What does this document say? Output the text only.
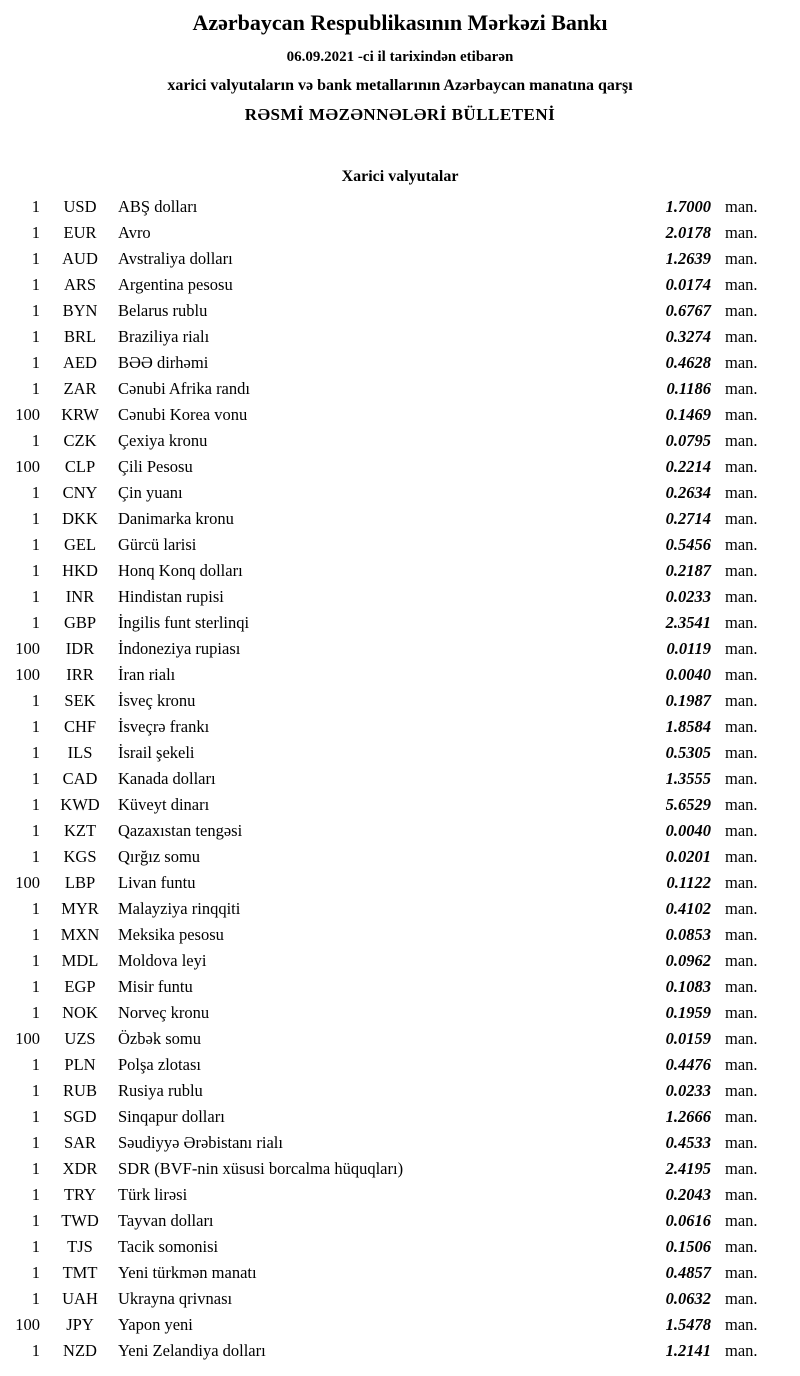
Azərbaycan Respublikasının Mərkəzi Bankı
06.09.2021 -ci il tarixindən etibarən
xarici valyutaların və bank metallarının Azərbaycan manatına qarşı
RƏSMİ MƏZƏNNƏLƏRİ BÜLLETENİ
Xarici valyutalar
1	USD	ABŞ dolları	1.7000 man.
1	EUR	Avro	2.0178 man.
1	AUD	Avstraliya dolları	1.2639 man.
1	ARS	Argentina pesosu	0.0174 man.
1	BYN	Belarus rublu	0.6767 man.
1	BRL	Braziliya rialı	0.3274 man.
1	AED	BƏƏ dirhəmi	0.4628 man.
1	ZAR	Cənubi Afrika randı	0.1186 man.
100	KRW	Cənubi Korea vonu	0.1469 man.
1	CZK	Çexiya kronu	0.0795 man.
100	CLP	Çili Pesosu	0.2214 man.
1	CNY	Çin yuanı	0.2634 man.
1	DKK	Danimarka kronu	0.2714 man.
1	GEL	Gürcü larisi	0.5456 man.
1	HKD	Honq Konq dolları	0.2187 man.
1	INR	Hindistan rupisi	0.0233 man.
1	GBP	İngilis funt sterlinqi	2.3541 man.
100	IDR	İndoneziya rupiası	0.0119 man.
100	IRR	İran rialı	0.0040 man.
1	SEK	İsveç kronu	0.1987 man.
1	CHF	İsveçrə frankı	1.8584 man.
1	ILS	İsrail şekeli	0.5305 man.
1	CAD	Kanada dolları	1.3555 man.
1	KWD	Küveyt dinarı	5.6529 man.
1	KZT	Qazaxıstan tengəsi	0.0040 man.
1	KGS	Qırğız somu	0.0201 man.
100	LBP	Livan funtu	0.1122 man.
1	MYR	Malayziya rinqqiti	0.4102 man.
1	MXN	Meksika pesosu	0.0853 man.
1	MDL	Moldova leyi	0.0962 man.
1	EGP	Misir funtu	0.1083 man.
1	NOK	Norveç kronu	0.1959 man.
100	UZS	Özbək somu	0.0159 man.
1	PLN	Polşa zlotası	0.4476 man.
1	RUB	Rusiya rublu	0.0233 man.
1	SGD	Sinqapur dolları	1.2666 man.
1	SAR	Səudiyyə Ərəbistanı rialı	0.4533 man.
1	XDR	SDR (BVF-nin xüsusi borcalma hüquqları)	2.4195 man.
1	TRY	Türk lirəsi	0.2043 man.
1	TWD	Tayvan dolları	0.0616 man.
1	TJS	Tacik somonisi	0.1506 man.
1	TMT	Yeni türkmən manatı	0.4857 man.
1	UAH	Ukrayna qrivnası	0.0632 man.
100	JPY	Yapon yeni	1.5478 man.
1	NZD	Yeni Zelandiya dolları	1.2141 man.
